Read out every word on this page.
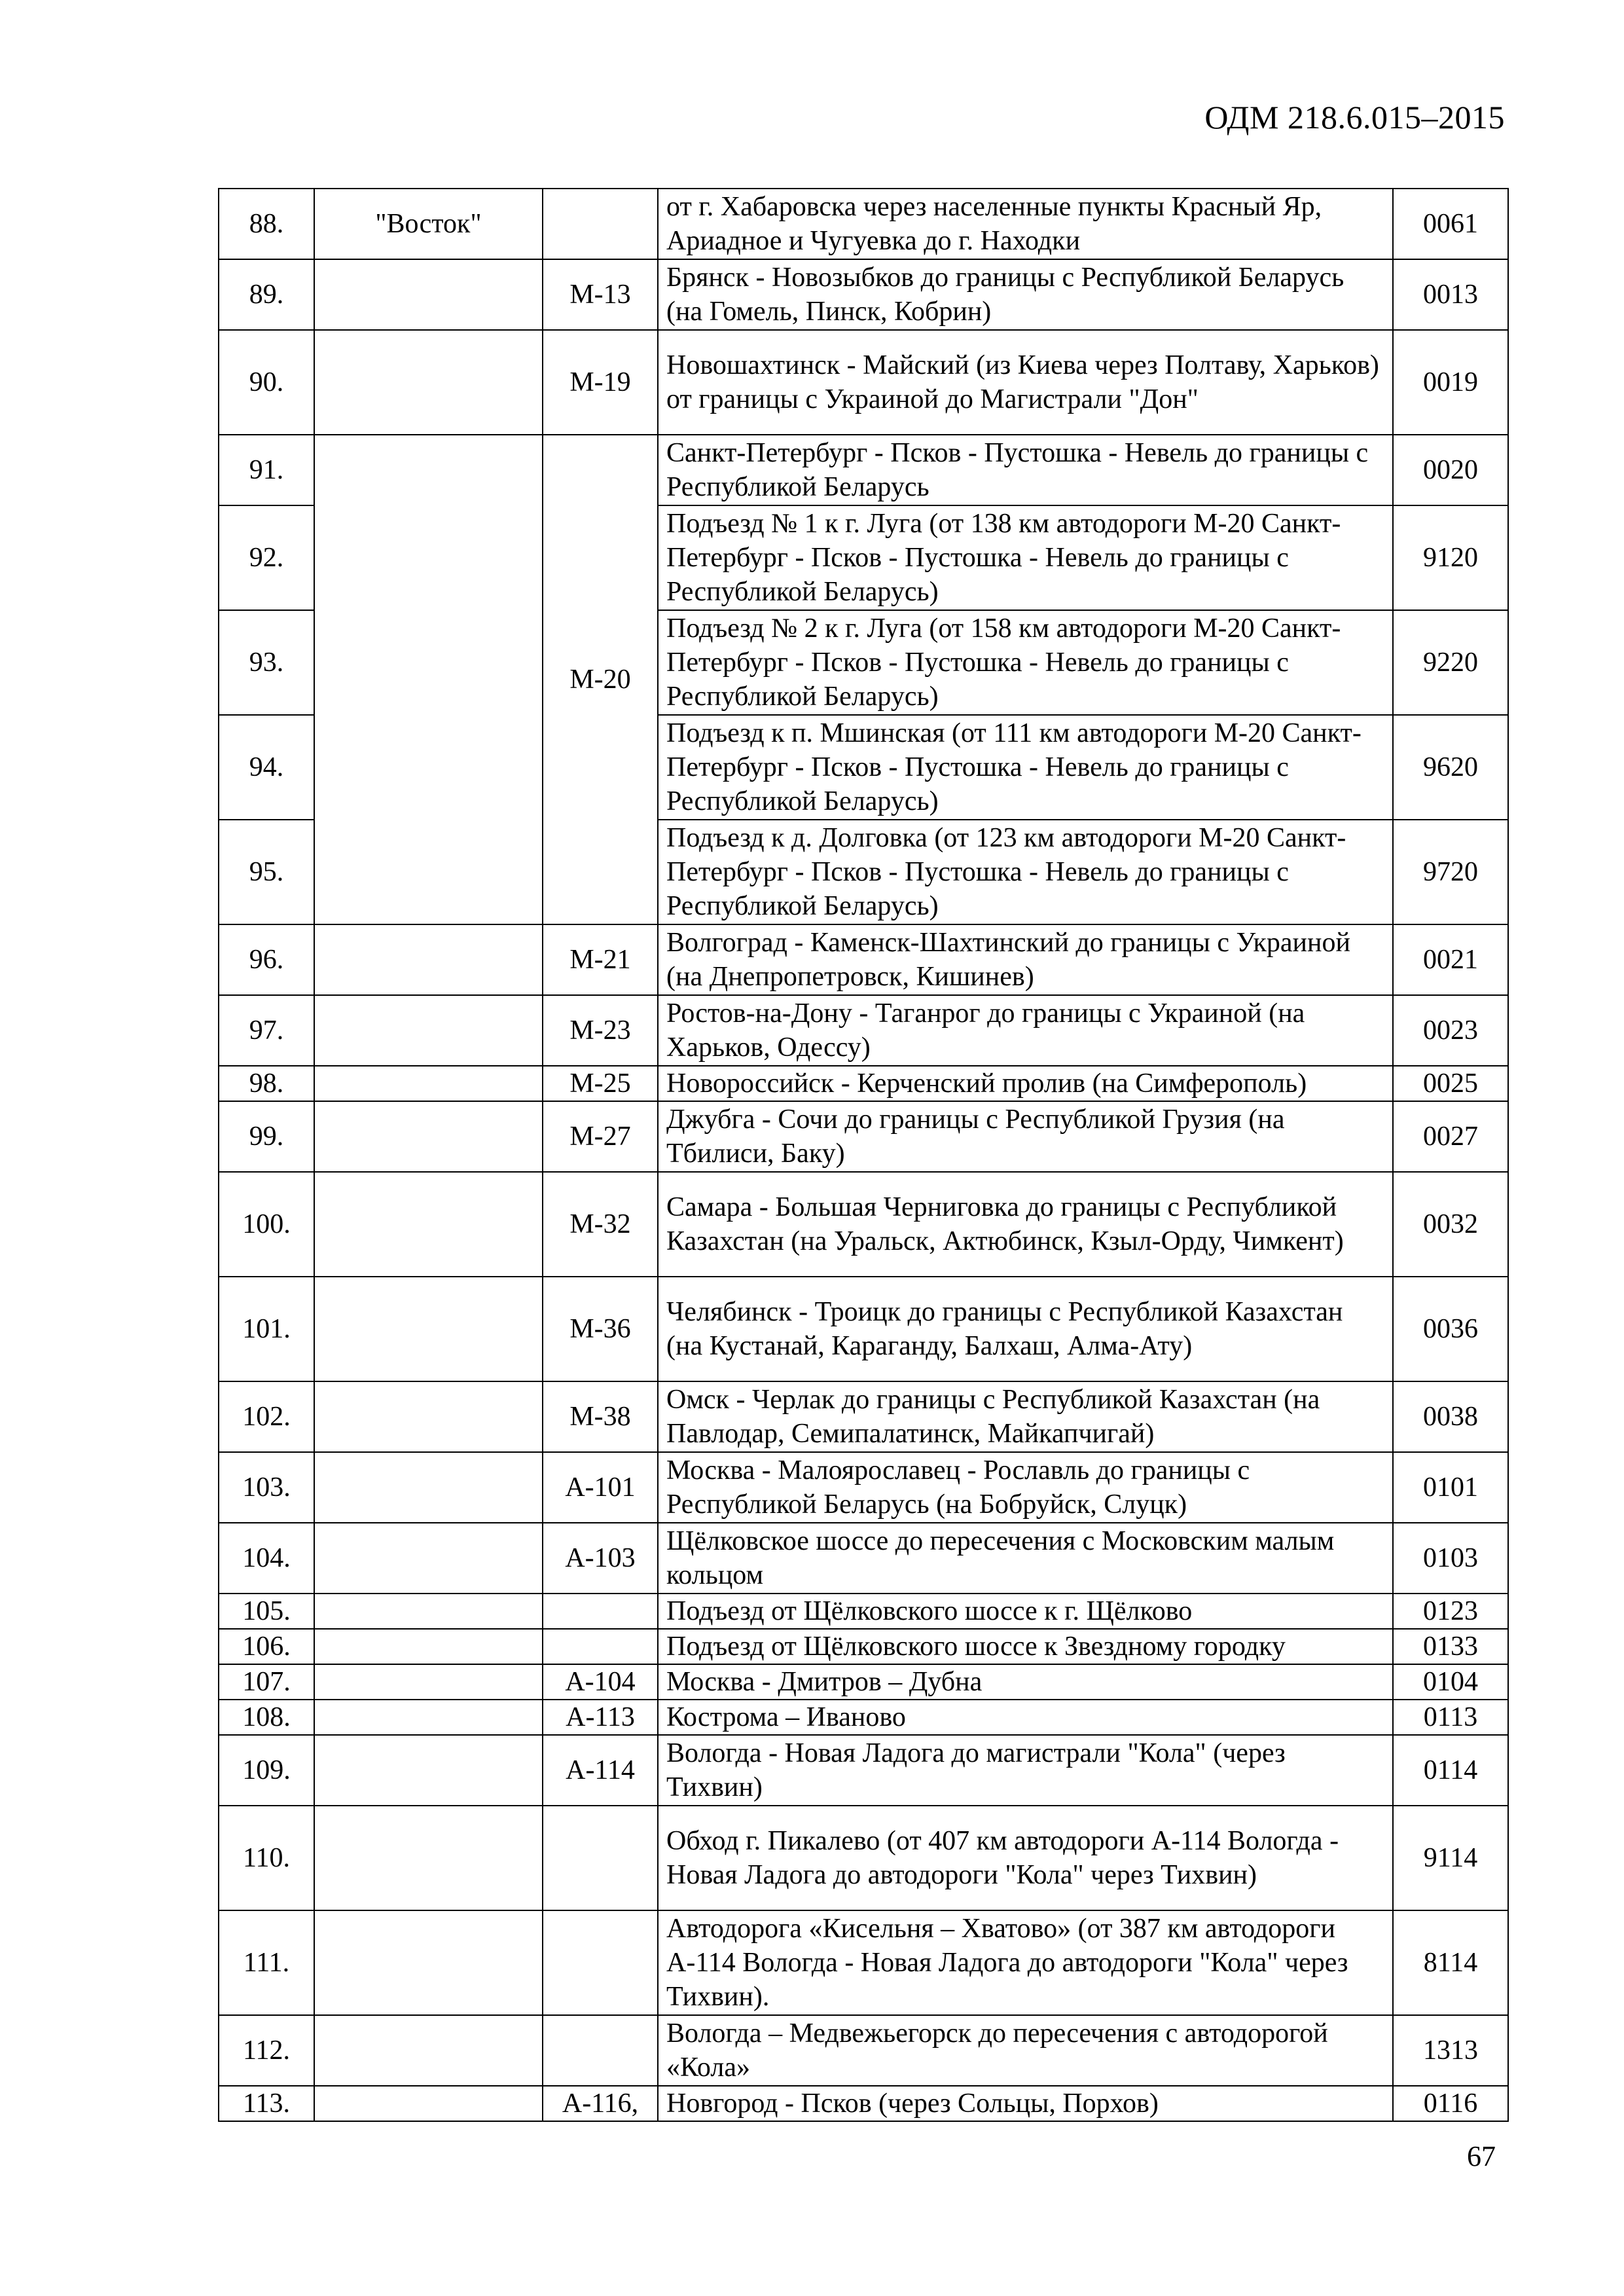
ОДМ 218.6.015–2015
88.	"Восток"		от г. Хабаровска через населенные пункты Красный Яр, Ариадное и Чугуевка до г. Находки	0061
89.		М-13	Брянск - Новозыбков до границы с Республикой Беларусь (на Гомель, Пинск, Кобрин)	0013
90.		М-19	Новошахтинск - Майский (из Киева через Полтаву, Харьков) от границы с Украиной до Магистрали "Дон"	0019
91.		М-20	Санкт-Петербург - Псков - Пустошка - Невель до границы с Республикой Беларусь	0020
92.			Подъезд № 1 к г. Луга (от 138 км автодороги М-20 Санкт-Петербург - Псков - Пустошка - Невель до границы с Республикой Беларусь)	9120
93.			Подъезд № 2 к г. Луга (от 158 км автодороги М-20 Санкт-Петербург - Псков - Пустошка - Невель до границы с Республикой Беларусь)	9220
94.			Подъезд к п. Мшинская (от 111 км автодороги М-20 Санкт-Петербург - Псков - Пустошка - Невель до границы с Республикой Беларусь)	9620
95.			Подъезд к д. Долговка (от 123 км автодороги М-20 Санкт-Петербург - Псков - Пустошка - Невель до границы с Республикой Беларусь)	9720
96.		М-21	Волгоград - Каменск-Шахтинский до границы с Украиной (на Днепропетровск, Кишинев)	0021
97.		М-23	Ростов-на-Дону - Таганрог до границы с Украиной (на Харьков, Одессу)	0023
98.		М-25	Новороссийск - Керченский пролив (на Симферополь)	0025
99.		М-27	Джубга - Сочи до границы с Республикой Грузия (на Тбилиси, Баку)	0027
100.		М-32	Самара - Большая Черниговка до границы с Республикой Казахстан (на Уральск, Актюбинск, Кзыл-Орду, Чимкент)	0032
101.		М-36	Челябинск - Троицк до границы с Республикой Казахстан (на Кустанай, Караганду, Балхаш, Алма-Ату)	0036
102.		М-38	Омск - Черлак до границы с Республикой Казахстан (на Павлодар, Семипалатинск, Майкапчигай)	0038
103.		А-101	Москва - Малоярославец - Рославль до границы с Республикой Беларусь (на Бобруйск, Слуцк)	0101
104.		А-103	Щёлковское шоссе до пересечения с Московским малым кольцом	0103
105.			Подъезд от Щёлковского шоссе к г. Щёлково	0123
106.			Подъезд от Щёлковского шоссе к Звездному городку	0133
107.		А-104	Москва - Дмитров – Дубна	0104
108.		А-113	Кострома – Иваново	0113
109.		А-114	Вологда - Новая Ладога до магистрали "Кола" (через Тихвин)	0114
110.			Обход г. Пикалево (от 407 км автодороги А-114 Вологда - Новая Ладога до автодороги "Кола" через Тихвин)	9114
111.			Автодорога «Кисельня – Хватово» (от 387 км автодороги А-114 Вологда - Новая Ладога до автодороги "Кола" через Тихвин).	8114
112.			Вологда – Медвежьегорск до пересечения с автодорогой «Кола»	1313
113.		А-116,	Новгород - Псков (через Сольцы, Порхов)	0116
67
